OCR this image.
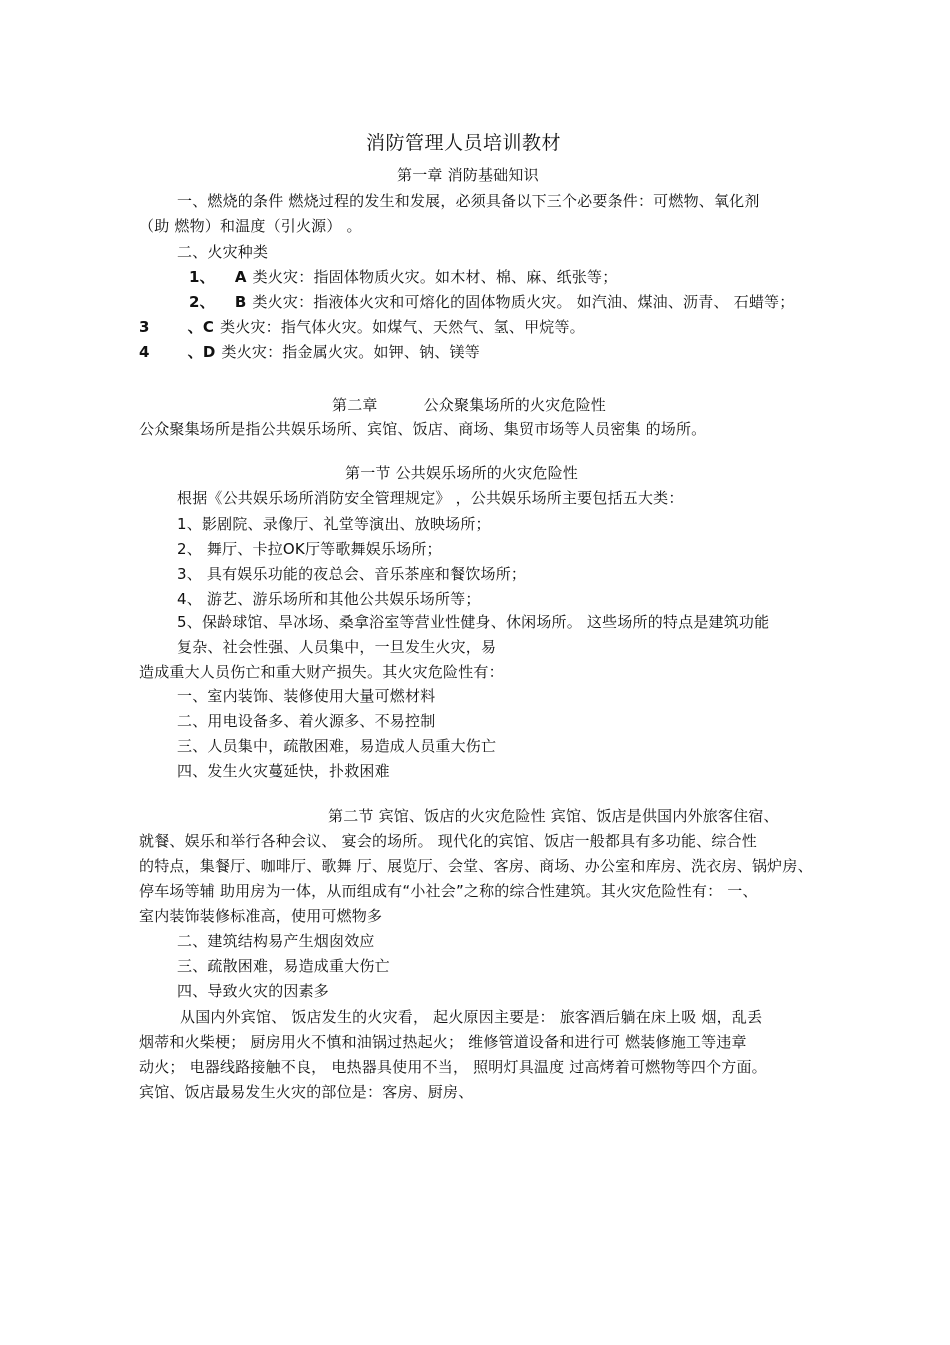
消防管理人员培训教材
第一章 消防基础知识
一、燃烧的条件 燃烧过程的发生和发展，必须具备以下三个必要条件：可燃物、氧化剂
（助 燃物）和温度（引火源） 。
二、火灾种类
1、 A 类火灾：指固体物质火灾。如木材、棉、麻、纸张等；
2、 B 类火灾：指液体火灾和可熔化的固体物质火灾。 如汽油、煤油、沥青、 石蜡等；
3	、C 类火灾：指气体火灾。如煤气、天然气、氢、甲烷等。
4	、D 类火灾：指金属火灾。如钾、钠、镁等
第二章	公众聚集场所的火灾危险性
公众聚集场所是指公共娱乐场所、宾馆、饭店、商场、集贸市场等人员密集 的场所。
第一节 公共娱乐场所的火灾危险性
根据《公共娱乐场所消防安全管理规定》 ，公共娱乐场所主要包括五大类：
1、影剧院、录像厅、礼堂等演出、放映场所；
2、 舞厅、卡拉OK厅等歌舞娱乐场所；
3、 具有娱乐功能的夜总会、音乐茶座和餐饮场所；
4、 游艺、游乐场所和其他公共娱乐场所等；
5、保龄球馆、旱冰场、桑拿浴室等营业性健身、休闲场所。 这些场所的特点是建筑功能
复杂、社会性强、人员集中，一旦发生火灾，易
造成重大人员伤亡和重大财产损失。其火灾危险性有：
一、室内装饰、装修使用大量可燃材料
二、用电设备多、着火源多、不易控制
三、人员集中，疏散困难，易造成人员重大伤亡
四、发生火灾蔓延快，扑救困难
第二节 宾馆、饭店的火灾危险性 宾馆、饭店是供国内外旅客住宿、
就餐、娱乐和举行各种会议、 宴会的场所。 现代化的宾馆、饭店一般都具有多功能、综合性
的特点，集餐厅、咖啡厅、歌舞 厅、展览厅、会堂、客房、商场、办公室和库房、洗衣房、锅炉房、
停车场等辅 助用房为一体，从而组成有“小社会”之称的综合性建筑。其火灾危险性有： 一、
室内装饰装修标准高，使用可燃物多
二、建筑结构易产生烟囱效应
三、疏散困难，易造成重大伤亡
四、导致火灾的因素多
从国内外宾馆、 饭店发生的火灾看， 起火原因主要是： 旅客酒后躺在床上吸 烟，乱丢
烟蒂和火柴梗； 厨房用火不慎和油锅过热起火； 维修管道设备和进行可 燃装修施工等违章
动火； 电器线路接触不良， 电热器具使用不当， 照明灯具温度 过高烤着可燃物等四个方面。
宾馆、饭店最易发生火灾的部位是：客房、厨房、
